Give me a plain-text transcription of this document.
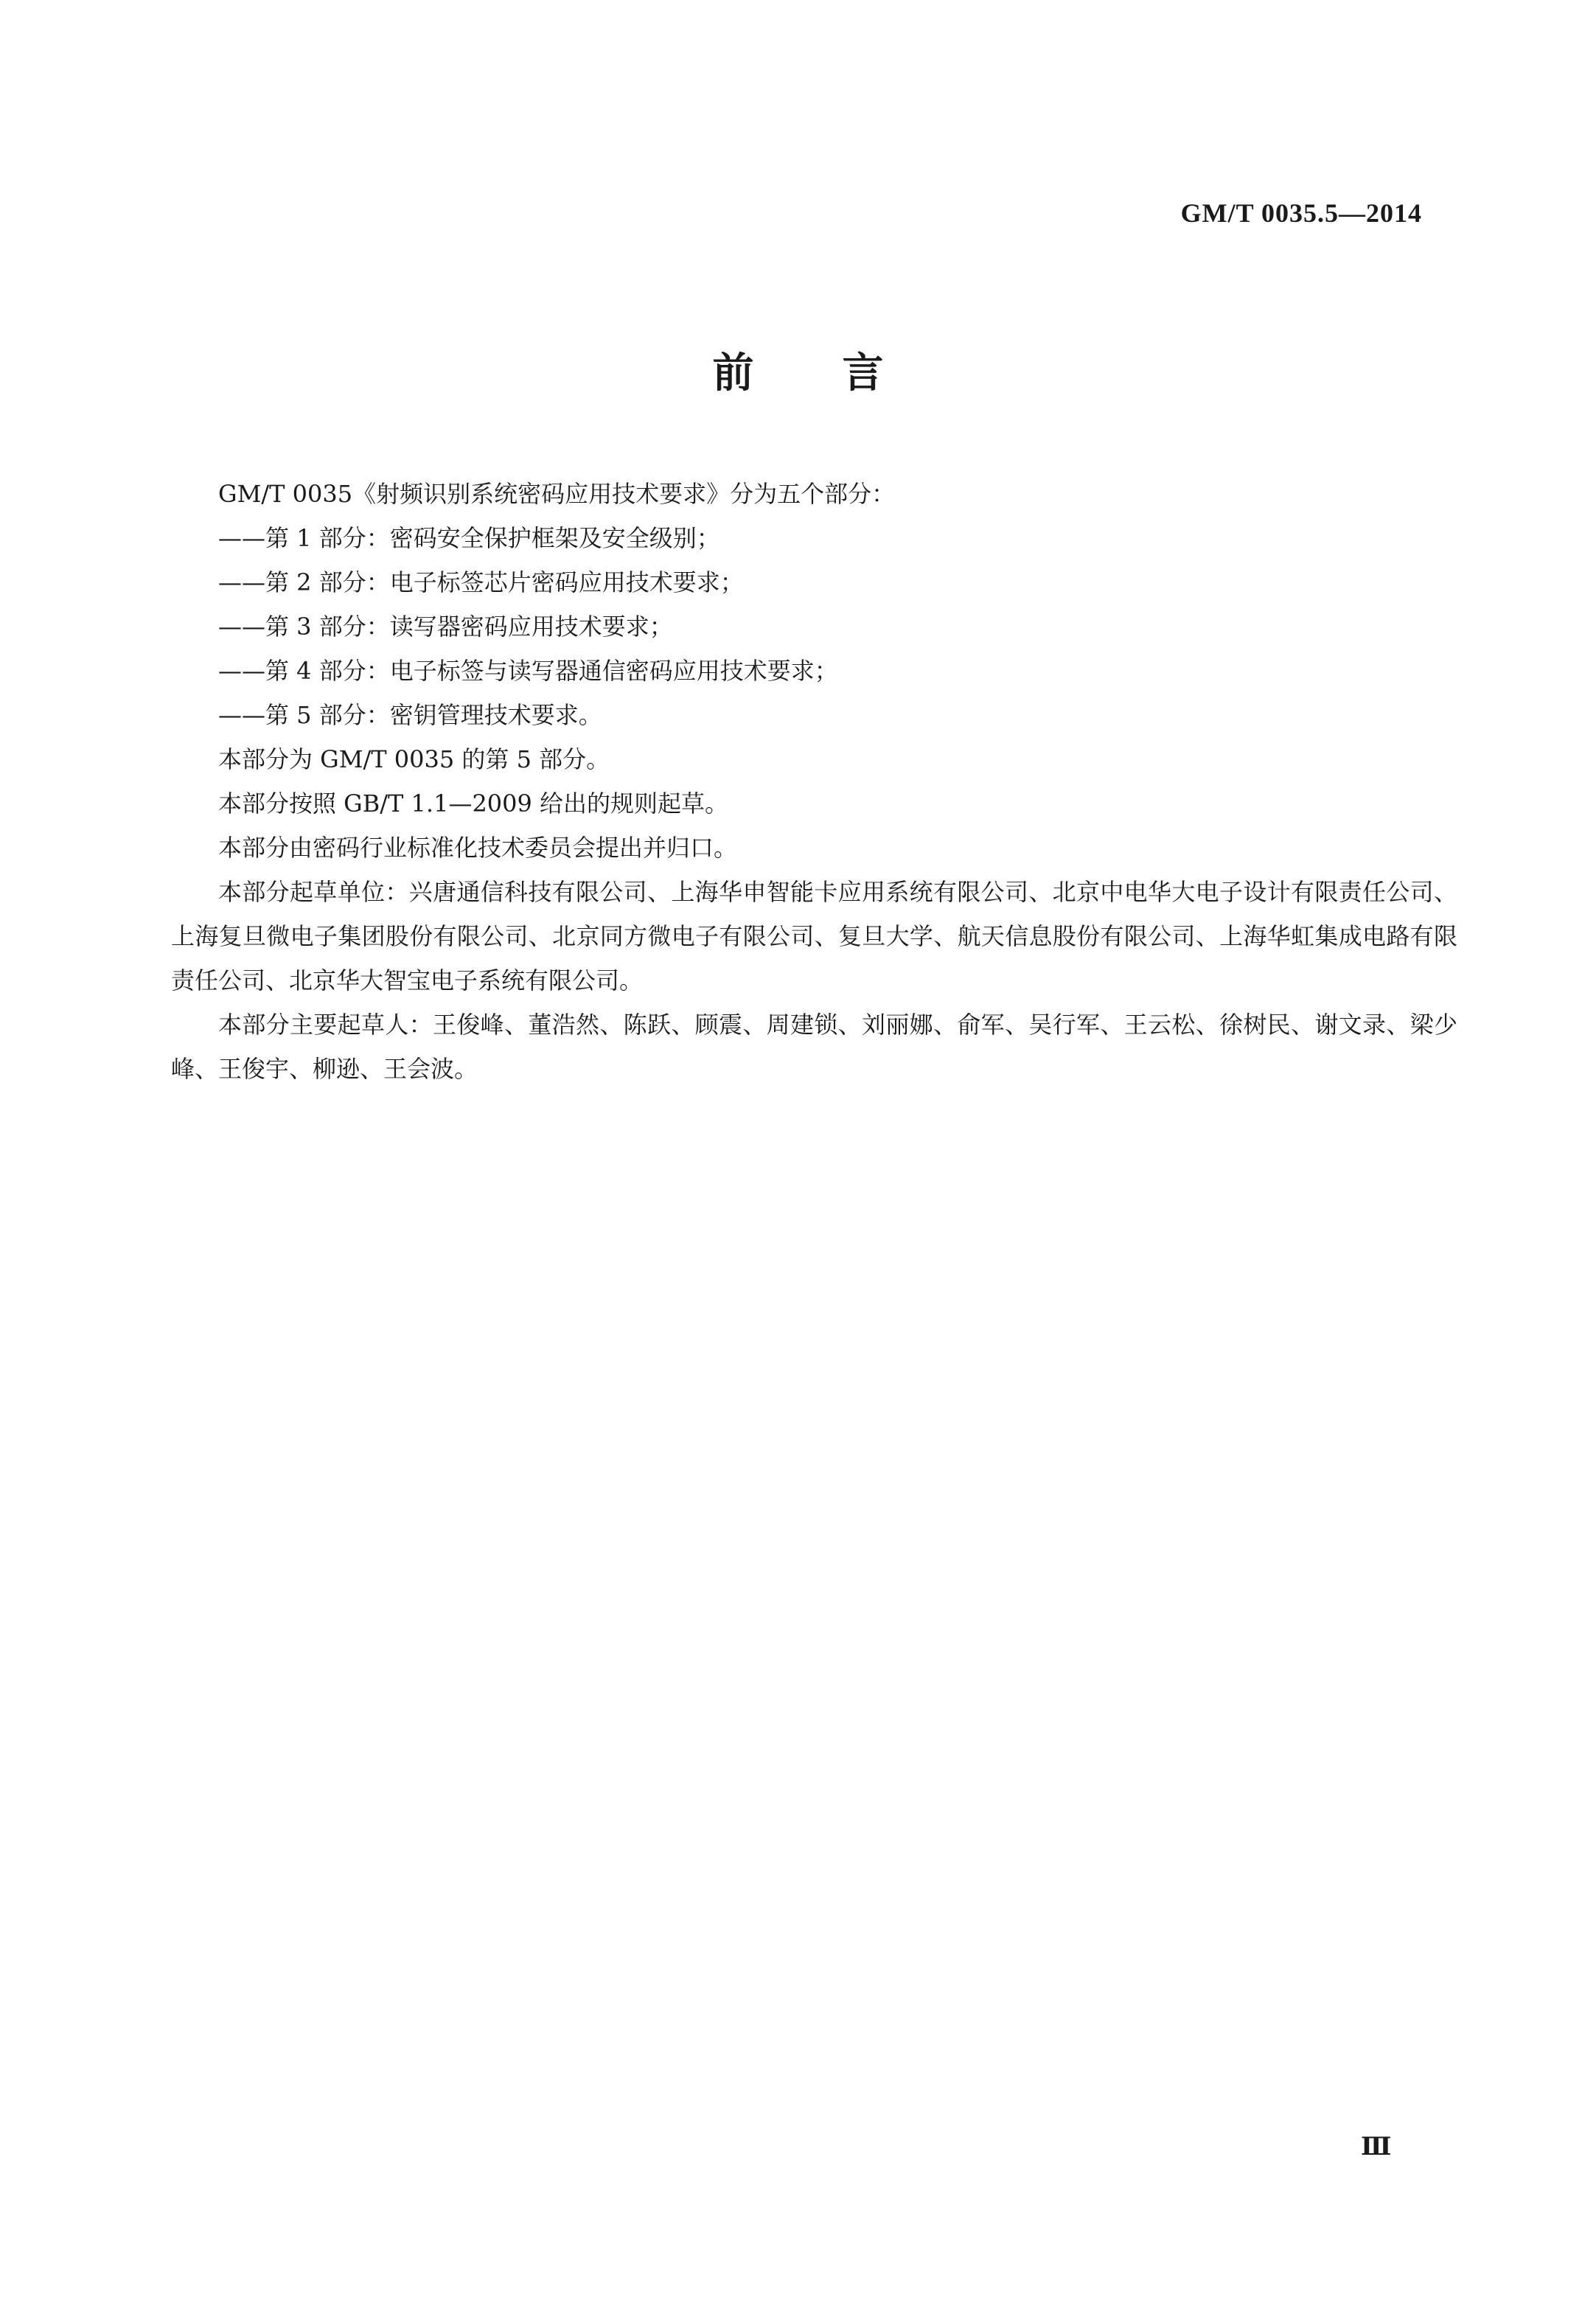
GM/T 0035.5—2014
前言

GM/T 0035《射频识别系统密码应用技术要求》分为五个部分：

——第 1 部分：密码安全保护框架及安全级别；

——第 2 部分：电子标签芯片密码应用技术要求；

——第 3 部分：读写器密码应用技术要求；

——第 4 部分：电子标签与读写器通信密码应用技术要求；

——第 5 部分：密钥管理技术要求。

本部分为 GM/T 0035 的第 5 部分。

本部分按照 GB/T 1.1—2009 给出的规则起草。

本部分由密码行业标准化技术委员会提出并归口。

本部分起草单位：兴唐通信科技有限公司、上海华申智能卡应用系统有限公司、北京中电华大电子设计有限责任公司、上海复旦微电子集团股份有限公司、北京同方微电子有限公司、复旦大学、航天信息股份有限公司、上海华虹集成电路有限责任公司、北京华大智宝电子系统有限公司。

本部分主要起草人：王俊峰、董浩然、陈跃、顾震、周建锁、刘丽娜、俞军、吴行军、王云松、徐树民、谢文录、梁少峰、王俊宇、柳逊、王会波。

Ⅲ
